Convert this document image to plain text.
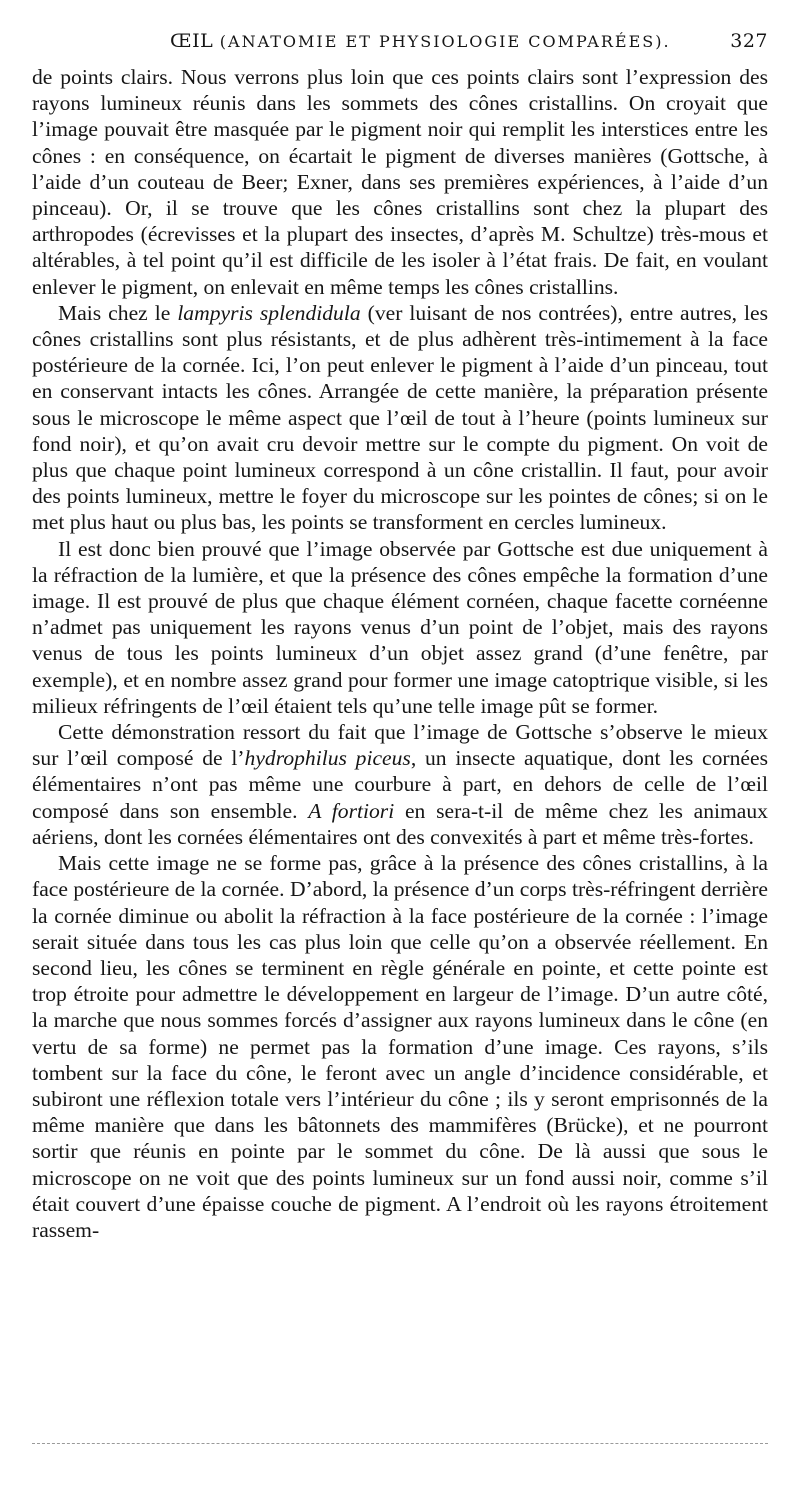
ŒIL (ANATOMIE ET PHYSIOLOGIE COMPARÉES).	327

de points clairs. Nous verrons plus loin que ces points clairs sont l’expression des rayons lumineux réunis dans les sommets des cônes cristallins. On croyait que l’image pouvait être masquée par le pigment noir qui remplit les interstices entre les cônes : en conséquence, on écartait le pigment de diverses manières (Gottsche, à l’aide d’un couteau de Beer; Exner, dans ses premières expériences, à l’aide d’un pinceau). Or, il se trouve que les cônes cristallins sont chez la plupart des arthropodes (écrevisses et la plupart des insectes, d’après M. Schultze) très-mous et altérables, à tel point qu’il est difficile de les isoler à l’état frais. De fait, en voulant enlever le pigment, on enlevait en même temps les cônes cristallins.

Mais chez le lampyris splendidula (ver luisant de nos contrées), entre autres, les cônes cristallins sont plus résistants, et de plus adhèrent très-intimement à la face postérieure de la cornée. Ici, l’on peut enlever le pigment à l’aide d’un pinceau, tout en conservant intacts les cônes. Arrangée de cette manière, la préparation présente sous le microscope le même aspect que l’œil de tout à l’heure (points lumineux sur fond noir), et qu’on avait cru devoir mettre sur le compte du pigment. On voit de plus que chaque point lumineux correspond à un cône cristallin. Il faut, pour avoir des points lumineux, mettre le foyer du microscope sur les pointes de cônes; si on le met plus haut ou plus bas, les points se transforment en cercles lumineux.

Il est donc bien prouvé que l’image observée par Gottsche est due uniquement à la réfraction de la lumière, et que la présence des cônes empêche la formation d’une image. Il est prouvé de plus que chaque élément cornéen, chaque facette cornéenne n’admet pas uniquement les rayons venus d’un point de l’objet, mais des rayons venus de tous les points lumineux d’un objet assez grand (d’une fenêtre, par exemple), et en nombre assez grand pour former une image catoptrique visible, si les milieux réfringents de l’œil étaient tels qu’une telle image pût se former.

Cette démonstration ressort du fait que l’image de Gottsche s’observe le mieux sur l’œil composé de l’hydrophilus piceus, un insecte aquatique, dont les cornées élémentaires n’ont pas même une courbure à part, en dehors de celle de l’œil composé dans son ensemble. A fortiori en sera-t-il de même chez les animaux aériens, dont les cornées élémentaires ont des convexités à part et même très-fortes.

Mais cette image ne se forme pas, grâce à la présence des cônes cristallins, à la face postérieure de la cornée. D’abord, la présence d’un corps très-réfringent derrière la cornée diminue ou abolit la réfraction à la face postérieure de la cornée : l’image serait située dans tous les cas plus loin que celle qu’on a observée réellement. En second lieu, les cônes se terminent en règle générale en pointe, et cette pointe est trop étroite pour admettre le développement en largeur de l’image. D’un autre côté, la marche que nous sommes forcés d’assigner aux rayons lumineux dans le cône (en vertu de sa forme) ne permet pas la formation d’une image. Ces rayons, s’ils tombent sur la face du cône, le feront avec un angle d’incidence considérable, et subiront une réflexion totale vers l’intérieur du cône ; ils y seront emprisonnés de la même manière que dans les bâtonnets des mammifères (Brücke), et ne pourront sortir que réunis en pointe par le sommet du cône. De là aussi que sous le microscope on ne voit que des points lumineux sur un fond aussi noir, comme s’il était couvert d’une épaisse couche de pigment. A l’endroit où les rayons étroitement rassem-
